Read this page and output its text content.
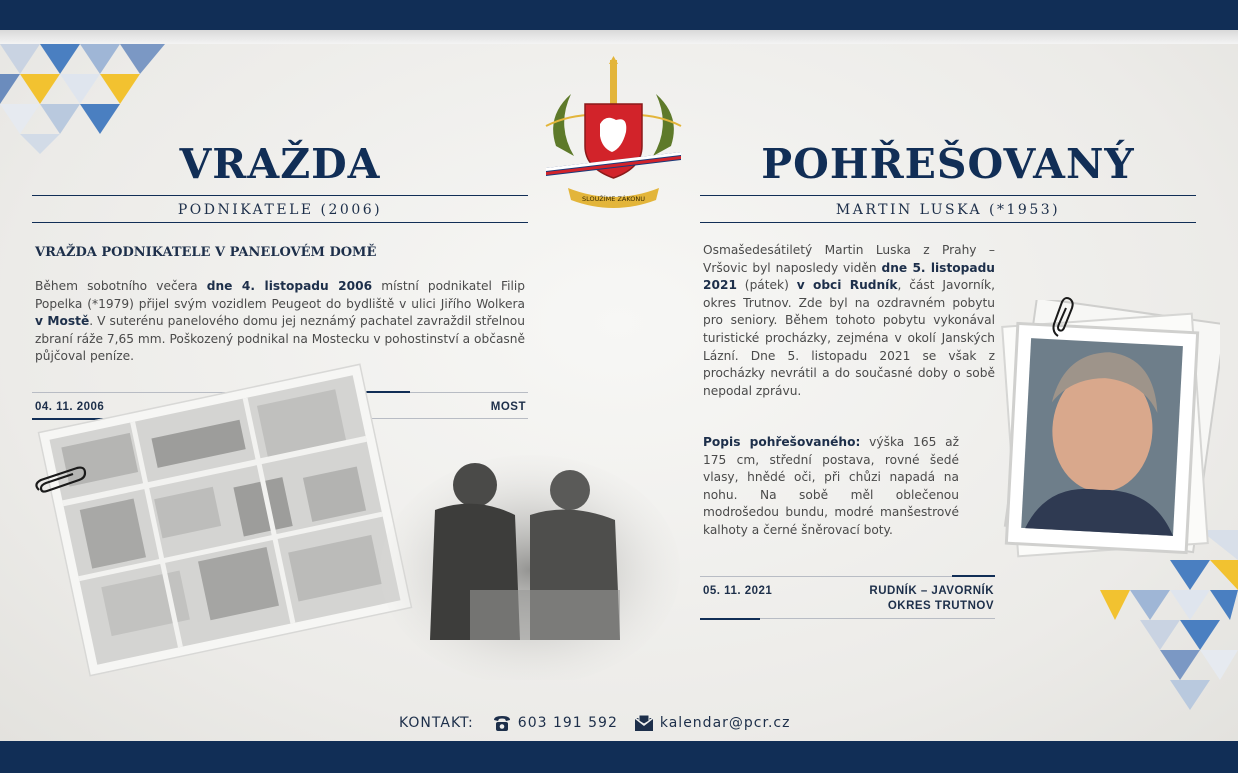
SLOUŽÍME ZÁKONU
VRAŽDA
PODNIKATELE (2006)
VRAŽDA PODNIKATELE V PANELOVÉM DOMĚ
Během sobotního večera dne 4. listopadu 2006 místní podnikatel Filip Popelka (*1979) přijel svým vozidlem Peugeot do bydliště v ulici Jiřího Wolkera v Mostě. V suterénu panelového domu jej neznámý pachatel zavraždil střelnou zbraní ráže 7,65 mm. Poškozený podnikal na Mostecku v pohostinství a občasně půjčoval peníze.
04. 11. 2006	MOST
POHŘEŠOVANÝ
MARTIN LUSKA (*1953)
Osmašedesátiletý Martin Luska z Prahy – Vršovic byl naposledy viděn dne 5. listopadu 2021 (pátek) v obci Rudník, část Javorník, okres Trutnov. Zde byl na ozdravném pobytu pro seniory. Během tohoto pobytu vykonával turistické procházky, zejména v okolí Janských Lázní. Dne 5. listopadu 2021 se však z procházky nevrátil a do současné doby o sobě nepodal zprávu.
Popis pohřešovaného: výška 165 až 175 cm, střední postava, rovné šedé vlasy, hnědé oči, při chůzi napadá na nohu. Na sobě měl oblečenou modrošedou bundu, modré manšestrové kalhoty a černé šněrovací boty.
05. 11. 2021	RUDNÍK – JAVORNÍK
OKRES TRUTNOV
KONTAKT:	603 191 592	kalendar@pcr.cz
